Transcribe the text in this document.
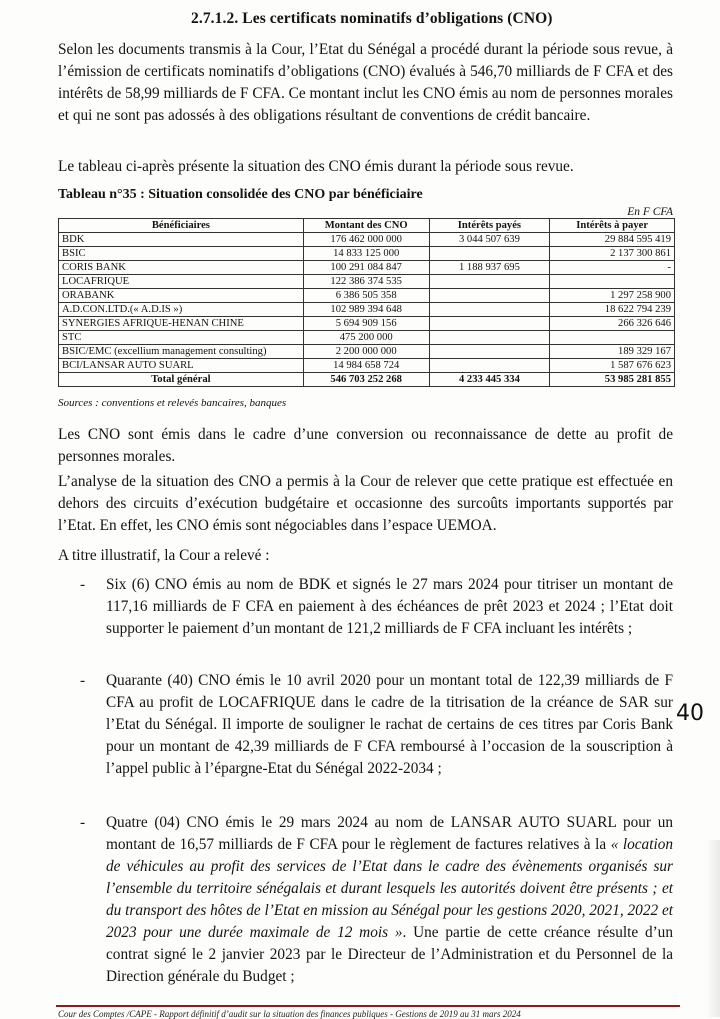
2.7.1.2. Les certificats nominatifs d’obligations (CNO)

Selon les documents transmis à la Cour, l’Etat du Sénégal a procédé durant la période sous revue, à l’émission de certificats nominatifs d’obligations (CNO) évalués à 546,70 milliards de F CFA et des intérêts de 58,99 milliards de F CFA. Ce montant inclut les CNO émis au nom de personnes morales et qui ne sont pas adossés à des obligations résultant de conventions de crédit bancaire.

Le tableau ci-après présente la situation des CNO émis durant la période sous revue.

Tableau n°35 : Situation consolidée des CNO par bénéficiaire
En F CFA
Bénéficiaires	Montant des CNO	Intérêts payés	Intérêts à payer
BDK	176 462 000 000	3 044 507 639	29 884 595 419
BSIC	14 833 125 000		2 137 300 861
CORIS BANK	100 291 084 847	1 188 937 695	-
LOCAFRIQUE	122 386 374 535		
ORABANK	6 386 505 358		1 297 258 900
A.D.CON.LTD.(« A.D.IS »)	102 989 394 648		18 622 794 239
SYNERGIES AFRIQUE-HENAN CHINE	5 694 909 156		266 326 646
STC	475 200 000		
BSIC/EMC (excellium management consulting)	2 200 000 000		189 329 167
BCI/LANSAR AUTO SUARL	14 984 658 724		1 587 676 623
Total général	546 703 252 268	4 233 445 334	53 985 281 855
Sources : conventions et relevés bancaires, banques

Les CNO sont émis dans le cadre d’une conversion ou reconnaissance de dette au profit de personnes morales.

L’analyse de la situation des CNO a permis à la Cour de relever que cette pratique est effectuée en dehors des circuits d’exécution budgétaire et occasionne des surcoûts importants supportés par l’Etat. En effet, les CNO émis sont négociables dans l’espace UEMOA.

A titre illustratif, la Cour a relevé :

- Six (6) CNO émis au nom de BDK et signés le 27 mars 2024 pour titriser un montant de 117,16 milliards de F CFA en paiement à des échéances de prêt 2023 et 2024 ; l’Etat doit supporter le paiement d’un montant de 121,2 milliards de F CFA incluant les intérêts ;

- Quarante (40) CNO émis le 10 avril 2020 pour un montant total de 122,39 milliards de F CFA au profit de LOCAFRIQUE dans le cadre de la titrisation de la créance de SAR sur l’Etat du Sénégal. Il importe de souligner le rachat de certains de ces titres par Coris Bank pour un montant de 42,39 milliards de F CFA remboursé à l’occasion de la souscription à l’appel public à l’épargne-Etat du Sénégal 2022-2034 ;

- Quatre (04) CNO émis le 29 mars 2024 au nom de LANSAR AUTO SUARL pour un montant de 16,57 milliards de F CFA pour le règlement de factures relatives à la « location de véhicules au profit des services de l’Etat dans le cadre des évènements organisés sur l’ensemble du territoire sénégalais et durant lesquels les autorités doivent être présents ; et du transport des hôtes de l’Etat en mission au Sénégal pour les gestions 2020, 2021, 2022 et 2023 pour une durée maximale de 12 mois ». Une partie de cette créance résulte d’un contrat signé le 2 janvier 2023 par le Directeur de l’Administration et du Personnel de la Direction générale du Budget ;

40
Cour des Comptes /CAPE - Rapport définitif d’audit sur la situation des finances publiques - Gestions de 2019 au 31 mars 2024
